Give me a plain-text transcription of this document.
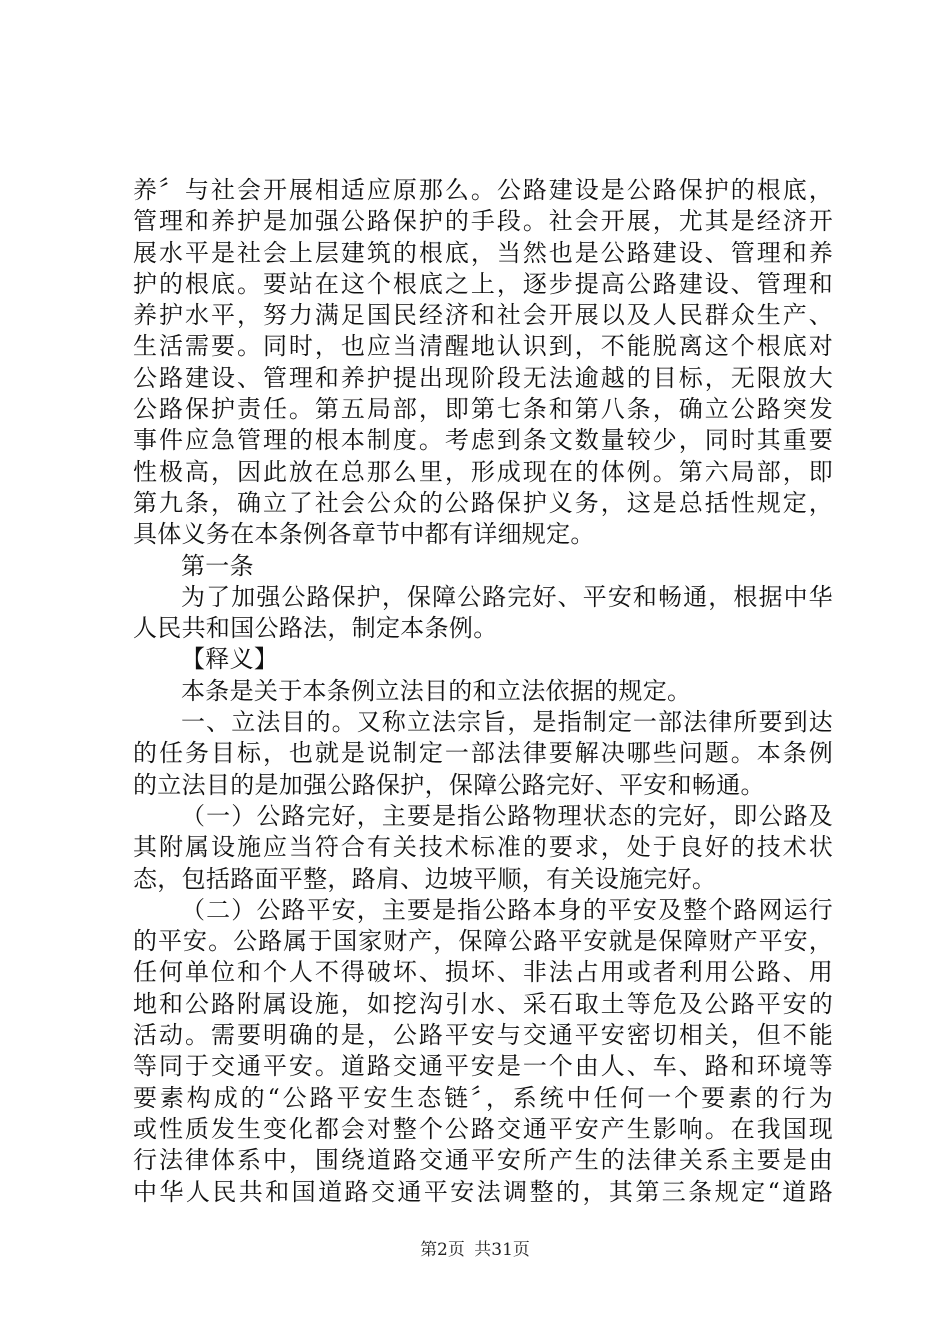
养〞与社会开展相适应原那么。公路建设是公路保护的根底，
管理和养护是加强公路保护的手段。社会开展，尤其是经济开
展水平是社会上层建筑的根底，当然也是公路建设、管理和养
护的根底。要站在这个根底之上，逐步提高公路建设、管理和
养护水平，努力满足国民经济和社会开展以及人民群众生产、
生活需要。同时，也应当清醒地认识到，不能脱离这个根底对
公路建设、管理和养护提出现阶段无法逾越的目标，无限放大
公路保护责任。第五局部，即第七条和第八条，确立公路突发
事件应急管理的根本制度。考虑到条文数量较少，同时其重要
性极高，因此放在总那么里，形成现在的体例。第六局部，即
第九条，确立了社会公众的公路保护义务，这是总括性规定，
具体义务在本条例各章节中都有详细规定。
第一条
为了加强公路保护，保障公路完好、平安和畅通，根据中华
人民共和国公路法，制定本条例。
【释义】
本条是关于本条例立法目的和立法依据的规定。
一、立法目的。又称立法宗旨，是指制定一部法律所要到达
的任务目标，也就是说制定一部法律要解决哪些问题。本条例
的立法目的是加强公路保护，保障公路完好、平安和畅通。
（一）公路完好，主要是指公路物理状态的完好，即公路及
其附属设施应当符合有关技术标准的要求，处于良好的技术状
态，包括路面平整，路肩、边坡平顺，有关设施完好。
（二）公路平安，主要是指公路本身的平安及整个路网运行
的平安。公路属于国家财产，保障公路平安就是保障财产平安，
任何单位和个人不得破坏、损坏、非法占用或者利用公路、用
地和公路附属设施，如挖沟引水、采石取土等危及公路平安的
活动。需要明确的是，公路平安与交通平安密切相关，但不能
等同于交通平安。道路交通平安是一个由人、车、路和环境等
要素构成的“公路平安生态链〞，系统中任何一个要素的行为
或性质发生变化都会对整个公路交通平安产生影响。在我国现
行法律体系中，围绕道路交通平安所产生的法律关系主要是由
中华人民共和国道路交通平安法调整的，其第三条规定“道路
第2页 共31页
